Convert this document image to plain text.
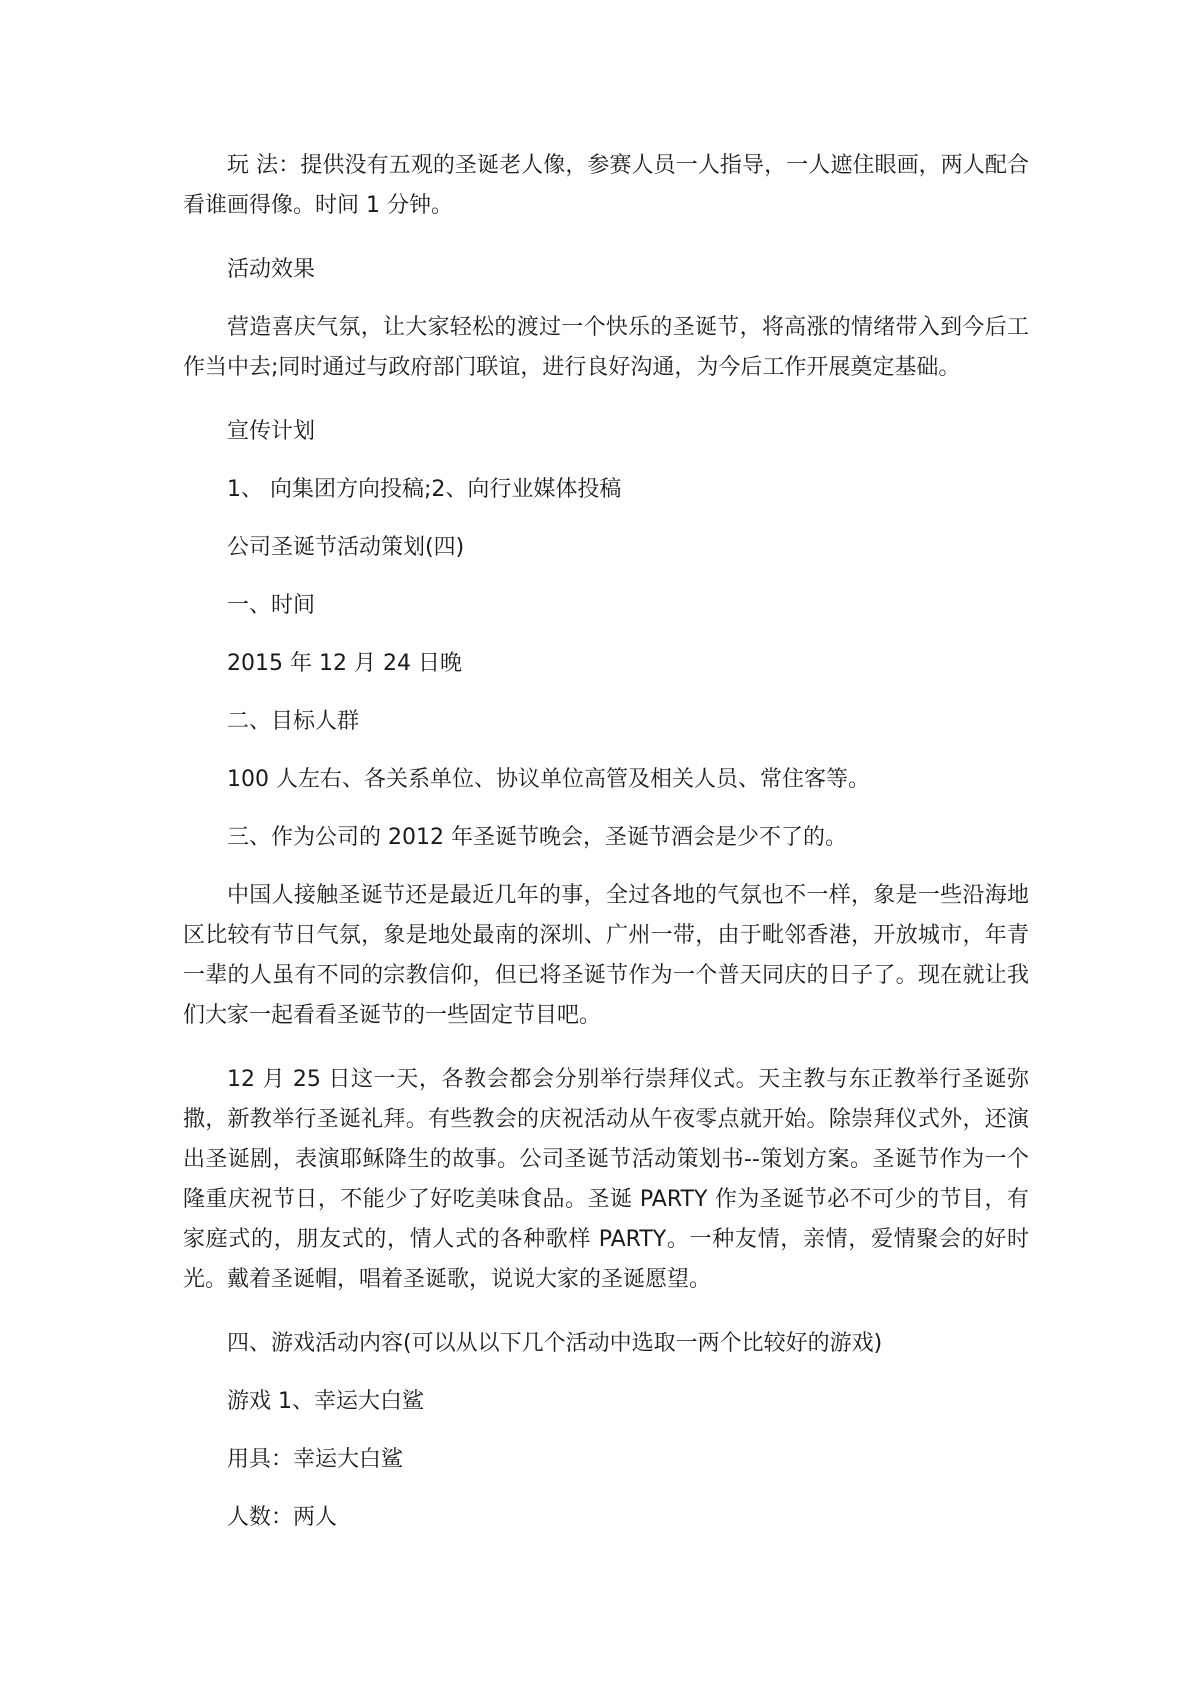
玩 法：提供没有五观的圣诞老人像，参赛人员一人指导，一人遮住眼画，两人配合看谁画得像。时间 1 分钟。

活动效果

营造喜庆气氛，让大家轻松的渡过一个快乐的圣诞节，将高涨的情绪带入到今后工作当中去;同时通过与政府部门联谊，进行良好沟通，为今后工作开展奠定基础。

宣传计划

1、 向集团方向投稿;2、向行业媒体投稿

公司圣诞节活动策划(四)

一、时间

2015 年 12 月 24 日晚

二、目标人群

100 人左右、各关系单位、协议单位高管及相关人员、常住客等。

三、作为公司的 2012 年圣诞节晚会，圣诞节酒会是少不了的。

中国人接触圣诞节还是最近几年的事，全过各地的气氛也不一样，象是一些沿海地区比较有节日气氛，象是地处最南的深圳、广州一带，由于毗邻香港，开放城市，年青一辈的人虽有不同的宗教信仰，但已将圣诞节作为一个普天同庆的日子了。现在就让我们大家一起看看圣诞节的一些固定节目吧。

12 月 25 日这一天，各教会都会分别举行崇拜仪式。天主教与东正教举行圣诞弥撒，新教举行圣诞礼拜。有些教会的庆祝活动从午夜零点就开始。除崇拜仪式外，还演出圣诞剧，表演耶稣降生的故事。公司圣诞节活动策划书--策划方案。圣诞节作为一个隆重庆祝节日，不能少了好吃美味食品。圣诞 PARTY 作为圣诞节必不可少的节目，有家庭式的，朋友式的，情人式的各种歌样 PARTY。一种友情，亲情，爱情聚会的好时光。戴着圣诞帽，唱着圣诞歌，说说大家的圣诞愿望。

四、游戏活动内容(可以从以下几个活动中选取一两个比较好的游戏)

游戏 1、幸运大白鲨

用具：幸运大白鲨

人数：两人
